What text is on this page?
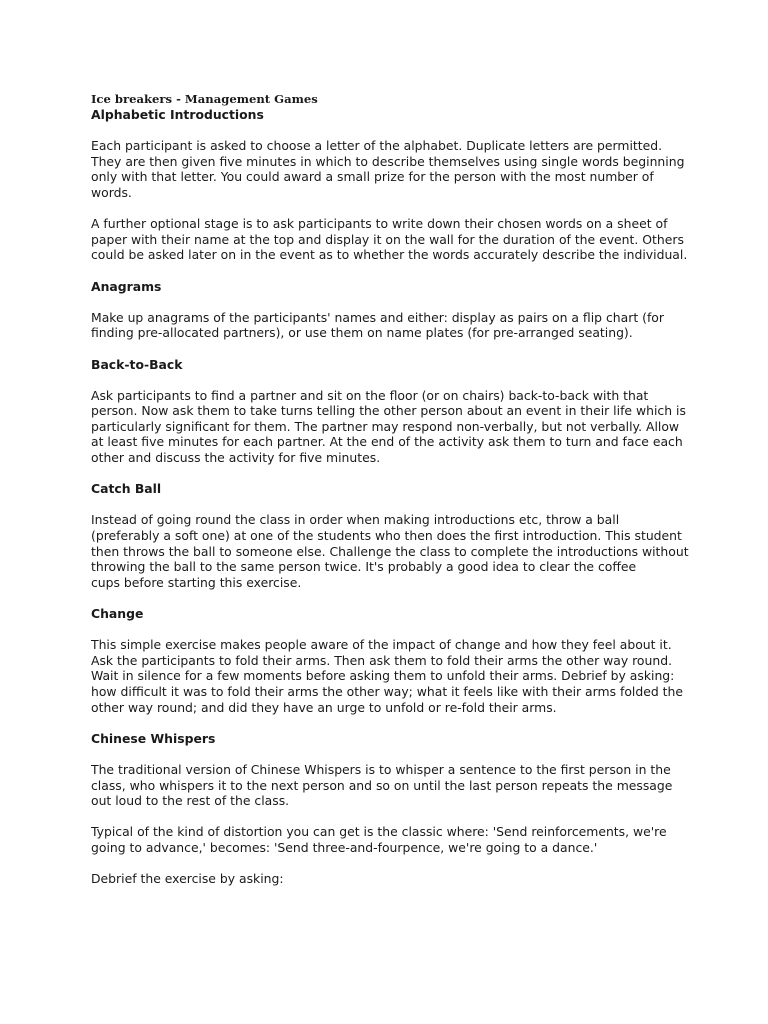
Ice breakers - Management Games
Alphabetic Introductions

Each participant is asked to choose a letter of the alphabet. Duplicate letters are permitted. They are then given five minutes in which to describe themselves using single words beginning only with that letter. You could award a small prize for the person with the most number of words.

A further optional stage is to ask participants to write down their chosen words on a sheet of paper with their name at the top and display it on the wall for the duration of the event. Others could be asked later on in the event as to whether the words accurately describe the individual.

Anagrams

Make up anagrams of the participants' names and either: display as pairs on a flip chart (for finding pre-allocated partners), or use them on name plates (for pre-arranged seating).

Back-to-Back

Ask participants to find a partner and sit on the floor (or on chairs) back-to-back with that person. Now ask them to take turns telling the other person about an event in their life which is particularly significant for them. The partner may respond non-verbally, but not verbally. Allow at least five minutes for each partner. At the end of the activity ask them to turn and face each other and discuss the activity for five minutes.

Catch Ball

Instead of going round the class in order when making introductions etc, throw a ball (preferably a soft one) at one of the students who then does the first introduction. This student then throws the ball to someone else. Challenge the class to complete the introductions without throwing the ball to the same person twice. It's probably a good idea to clear the coffee

cups before starting this exercise.

Change

This simple exercise makes people aware of the impact of change and how they feel about it. Ask the participants to fold their arms. Then ask them to fold their arms the other way round. Wait in silence for a few moments before asking them to unfold their arms. Debrief by asking: how difficult it was to fold their arms the other way; what it feels like with their arms folded the other way round; and did they have an urge to unfold or re-fold their arms.

Chinese Whispers

The traditional version of Chinese Whispers is to whisper a sentence to the first person in the class, who whispers it to the next person and so on until the last person repeats the message out loud to the rest of the class.

Typical of the kind of distortion you can get is the classic where: 'Send reinforcements, we're going to advance,' becomes: 'Send three-and-fourpence, we're going to a dance.'

Debrief the exercise by asking:
